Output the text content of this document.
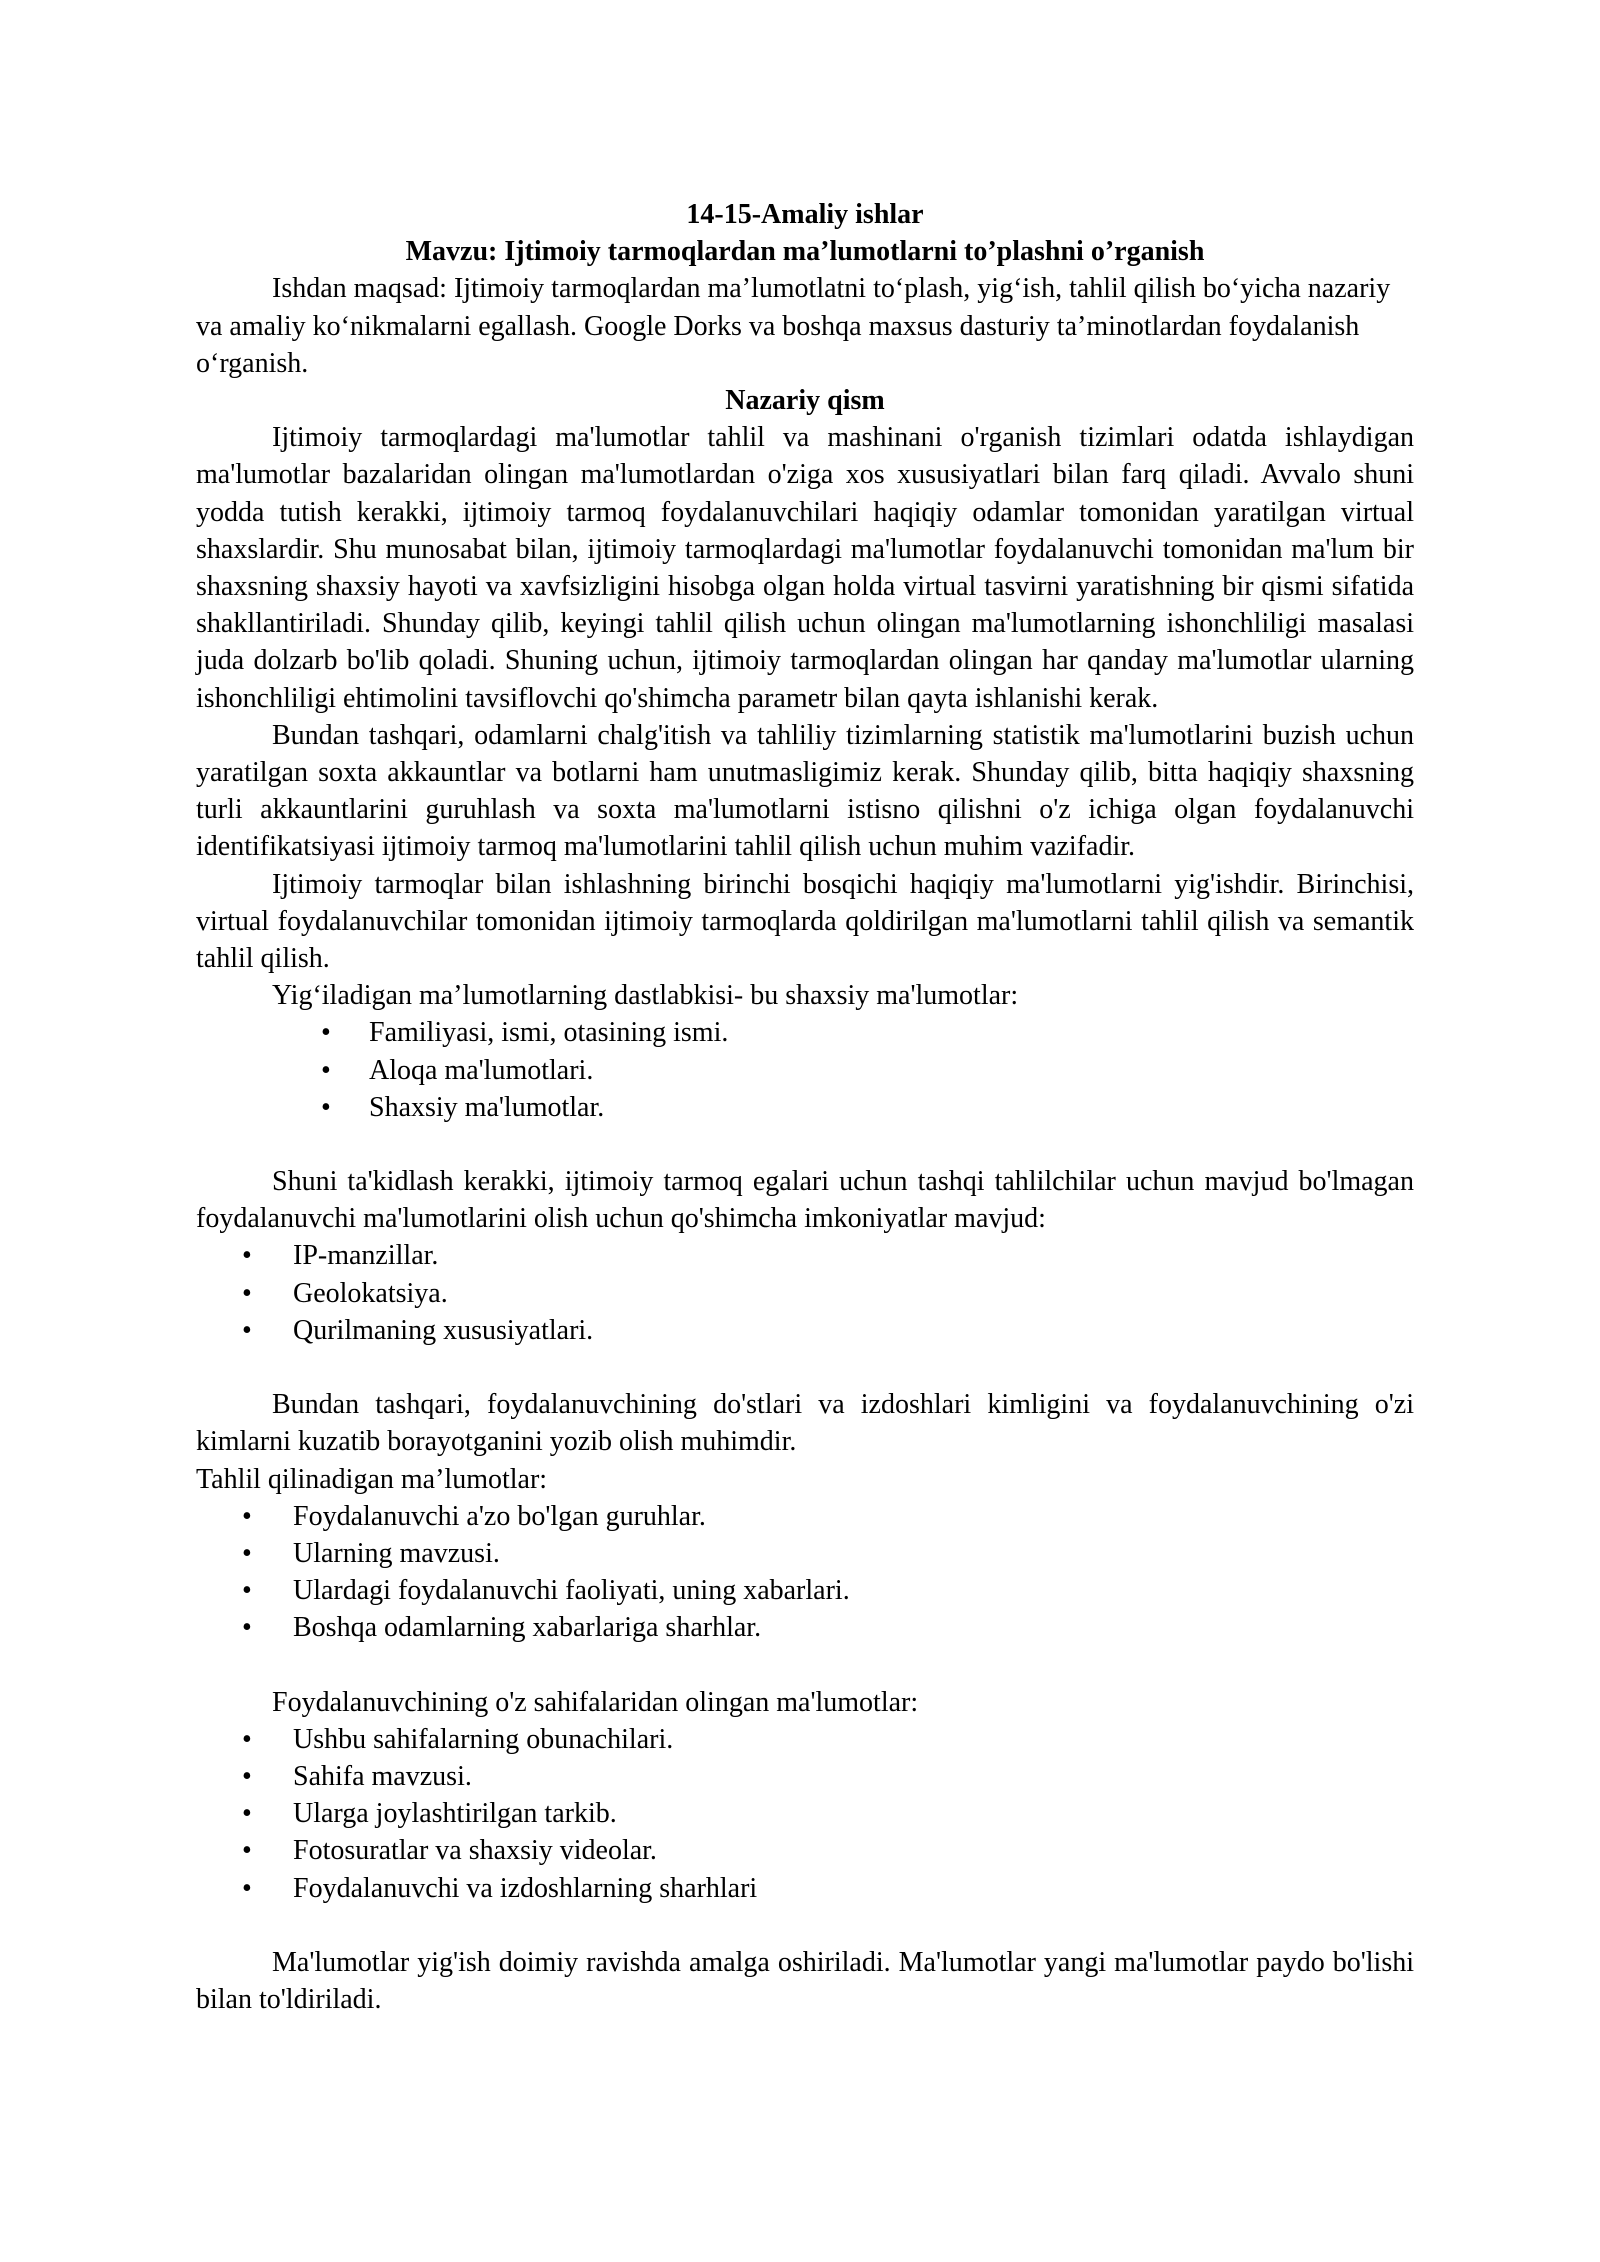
14-15-Amaliy ishlar
Mavzu: Ijtimoiy tarmoqlardan ma’lumotlarni to’plashni o’rganish

Ishdan maqsad: Ijtimoiy tarmoqlardan ma’lumotlatni to‘plash, yig‘ish, tahlil qilish bo‘yicha nazariy va amaliy ko‘nikmalarni egallash. Google Dorks va boshqa maxsus dasturiy ta’minotlardan foydalanish o‘rganish.

Nazariy qism

Ijtimoiy tarmoqlardagi ma'lumotlar tahlil va mashinani o'rganish tizimlari odatda ishlaydigan ma'lumotlar bazalaridan olingan ma'lumotlardan o'ziga xos xususiyatlari bilan farq qiladi. Avvalo shuni yodda tutish kerakki, ijtimoiy tarmoq foydalanuvchilari haqiqiy odamlar tomonidan yaratilgan virtual shaxslardir. Shu munosabat bilan, ijtimoiy tarmoqlardagi ma'lumotlar foydalanuvchi tomonidan ma'lum bir shaxsning shaxsiy hayoti va xavfsizligini hisobga olgan holda virtual tasvirni yaratishning bir qismi sifatida shakllantiriladi. Shunday qilib, keyingi tahlil qilish uchun olingan ma'lumotlarning ishonchliligi masalasi juda dolzarb bo'lib qoladi. Shuning uchun, ijtimoiy tarmoqlardan olingan har qanday ma'lumotlar ularning ishonchliligi ehtimolini tavsiflovchi qo'shimcha parametr bilan qayta ishlanishi kerak.

Bundan tashqari, odamlarni chalg'itish va tahliliy tizimlarning statistik ma'lumotlarini buzish uchun yaratilgan soxta akkauntlar va botlarni ham unutmasligimiz kerak. Shunday qilib, bitta haqiqiy shaxsning turli akkauntlarini guruhlash va soxta ma'lumotlarni istisno qilishni o'z ichiga olgan foydalanuvchi identifikatsiyasi ijtimoiy tarmoq ma'lumotlarini tahlil qilish uchun muhim vazifadir.

Ijtimoiy tarmoqlar bilan ishlashning birinchi bosqichi haqiqiy ma'lumotlarni yig'ishdir. Birinchisi, virtual foydalanuvchilar tomonidan ijtimoiy tarmoqlarda qoldirilgan ma'lumotlarni tahlil qilish va semantik tahlil qilish.

Yig‘iladigan ma’lumotlarning dastlabkisi- bu shaxsiy ma'lumotlar:

• Familiyasi, ismi, otasining ismi.
• Aloqa ma'lumotlari.
• Shaxsiy ma'lumotlar.

Shuni ta'kidlash kerakki, ijtimoiy tarmoq egalari uchun tashqi tahlilchilar uchun mavjud bo'lmagan foydalanuvchi ma'lumotlarini olish uchun qo'shimcha imkoniyatlar mavjud:

• IP-manzillar.
• Geolokatsiya.
• Qurilmaning xususiyatlari.

Bundan tashqari, foydalanuvchining do'stlari va izdoshlari kimligini va foydalanuvchining o'zi kimlarni kuzatib borayotganini yozib olish muhimdir.

Tahlil qilinadigan ma’lumotlar:

• Foydalanuvchi a'zo bo'lgan guruhlar.
• Ularning mavzusi.
• Ulardagi foydalanuvchi faoliyati, uning xabarlari.
• Boshqa odamlarning xabarlariga sharhlar.

Foydalanuvchining o'z sahifalaridan olingan ma'lumotlar:

• Ushbu sahifalarning obunachilari.
• Sahifa mavzusi.
• Ularga joylashtirilgan tarkib.
• Fotosuratlar va shaxsiy videolar.
• Foydalanuvchi va izdoshlarning sharhlari

Ma'lumotlar yig'ish doimiy ravishda amalga oshiriladi. Ma'lumotlar yangi ma'lumotlar paydo bo'lishi bilan to'ldiriladi.
